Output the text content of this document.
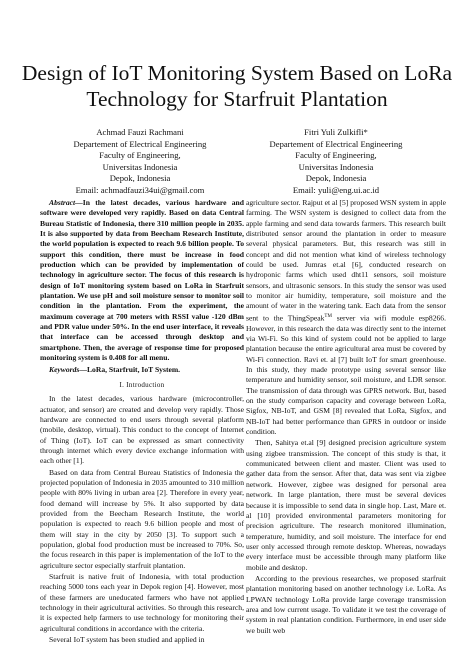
Design of IoT Monitoring System Based on LoRa Technology for Starfruit Plantation
Achmad Fauzi Rachmani
Departement of Electrical Engineering
Faculty of Engineering,
Universitas Indonesia
Depok, Indonesia
Email: achmadfauzi34ui@gmail.com
Fitri Yuli Zulkifli*
Departement of Electrical Engineering
Faculty of Engineering,
Universitas Indonesia
Depok, Indonesia
Email: yuli@eng.ui.ac.id

Abstract—In the latest decades, various hardware and software were developed very rapidly. Based on data Central Bureau Statistic of Indonesia, there 310 million people in 2035. It is also supported by data from Beecham Research Institute, the world population is expected to reach 9.6 billion people. To support this condition, there must be increase in food production which can be provided by implementation of technology in agriculture sector. The focus of this research is design of IoT monitoring system based on LoRa in Starfruit plantation. We use pH and soil moisture sensor to monitor soil condition in the plantation. From the experiment, the maximum coverage at 700 meters with RSSI value -120 dBm and PDR value under 50%. In the end user interface, it reveals that interface can be accessed through desktop and smartphone. Then, the average of response time for proposed monitoring system is 0.408 for all menu.

Keywords—LoRa, Starfruit, IoT System.

I. Introduction

In the latest decades, various hardware (microcontroller, actuator, and sensor) are created and develop very rapidly. Those hardware are connected to end users through several platform (mobile, desktop, virtual). This conduct to the concept of Internet of Thing (IoT). IoT can be expressed as smart connectivity through internet which every device exchange information with each other [1].

Based on data from Central Bureau Statistics of Indonesia the projected population of Indonesia in 2035 amounted to 310 million people with 80% living in urban area [2]. Therefore in every year, food demand will increase by 5%. It also supported by data provided from the Beecham Research Institute, the world population is expected to reach 9.6 billion people and most of them will stay in the city by 2050 [3]. To support such a population, global food production must be increased to 70%. So, the focus research in this paper is implementation of the IoT to the agriculture sector especially starfruit plantation.

Starfruit is native fruit of Indonesia, with total production reaching 5000 tons each year in Depok region [4]. However, most of these farmers are uneducated farmers who have not applied technology in their agricultural activities. So through this research, it is expected help farmers to use technology for monitoring their agricultural conditions in accordance with the criteria.

Several IoT system has been studied and applied in

agriculture sector. Rajput et al [5] proposed WSN system in apple farming. The WSN system is designed to collect data from the apple farming and send data towards farmers. This research built distributed sensor around the plantation in order to measure several physical parameters. But, this research was still in concept and did not mention what kind of wireless technology could be used. Jumras et.al [6], conducted research on hydroponic farms which used dht11 sensors, soil moisture sensors, and ultrasonic sensors. In this study the sensor was used to monitor air humidity, temperature, soil moisture and the amount of water in the watering tank. Each data from the sensor sent to the ThingSpeak™ server via wifi module esp8266. However, in this research the data was directly sent to the internet via Wi-Fi. So this kind of system could not be applied to large plantation because the entire agricultural area must be covered by Wi-Fi connection. Ravi et. al [7] built IoT for smart greenhouse. In this study, they made prototype using several sensor like temperature and humidity sensor, soil moisture, and LDR sensor. The transmission of data through was GPRS network. But, based on the study comparison capacity and coverage between LoRa, Sigfox, NB-IoT, and GSM [8] revealed that LoRa, Sigfox, and NB-IoT had better performance than GPRS in outdoor or inside condition.

Then, Sahitya et.al [9] designed precision agriculture system using zigbee transmission. The concept of this study is that, it communicated between client and master. Client was used to gather data from the sensor. After that, data was sent via zigbee network. However, zigbee was designed for personal area network. In large plantation, there must be several devices because it is impossible to send data in single hop. Last, Mare et. al [10] provided environmental parameters monitoring for precision agriculture. The research monitored illumination, temperature, humidity, and soil moisture. The interface for end user only accessed through remote desktop. Whereas, nowadays every interface must be accessible through many platform like mobile and desktop.

According to the previous researches, we proposed starfruit plantation monitoring based on another technology i.e. LoRa. As LPWAN technology LoRa provide large coverage transmission area and low current usage. To validate it we test the coverage of system in real plantation condition. Furthermore, in end user side we built web
